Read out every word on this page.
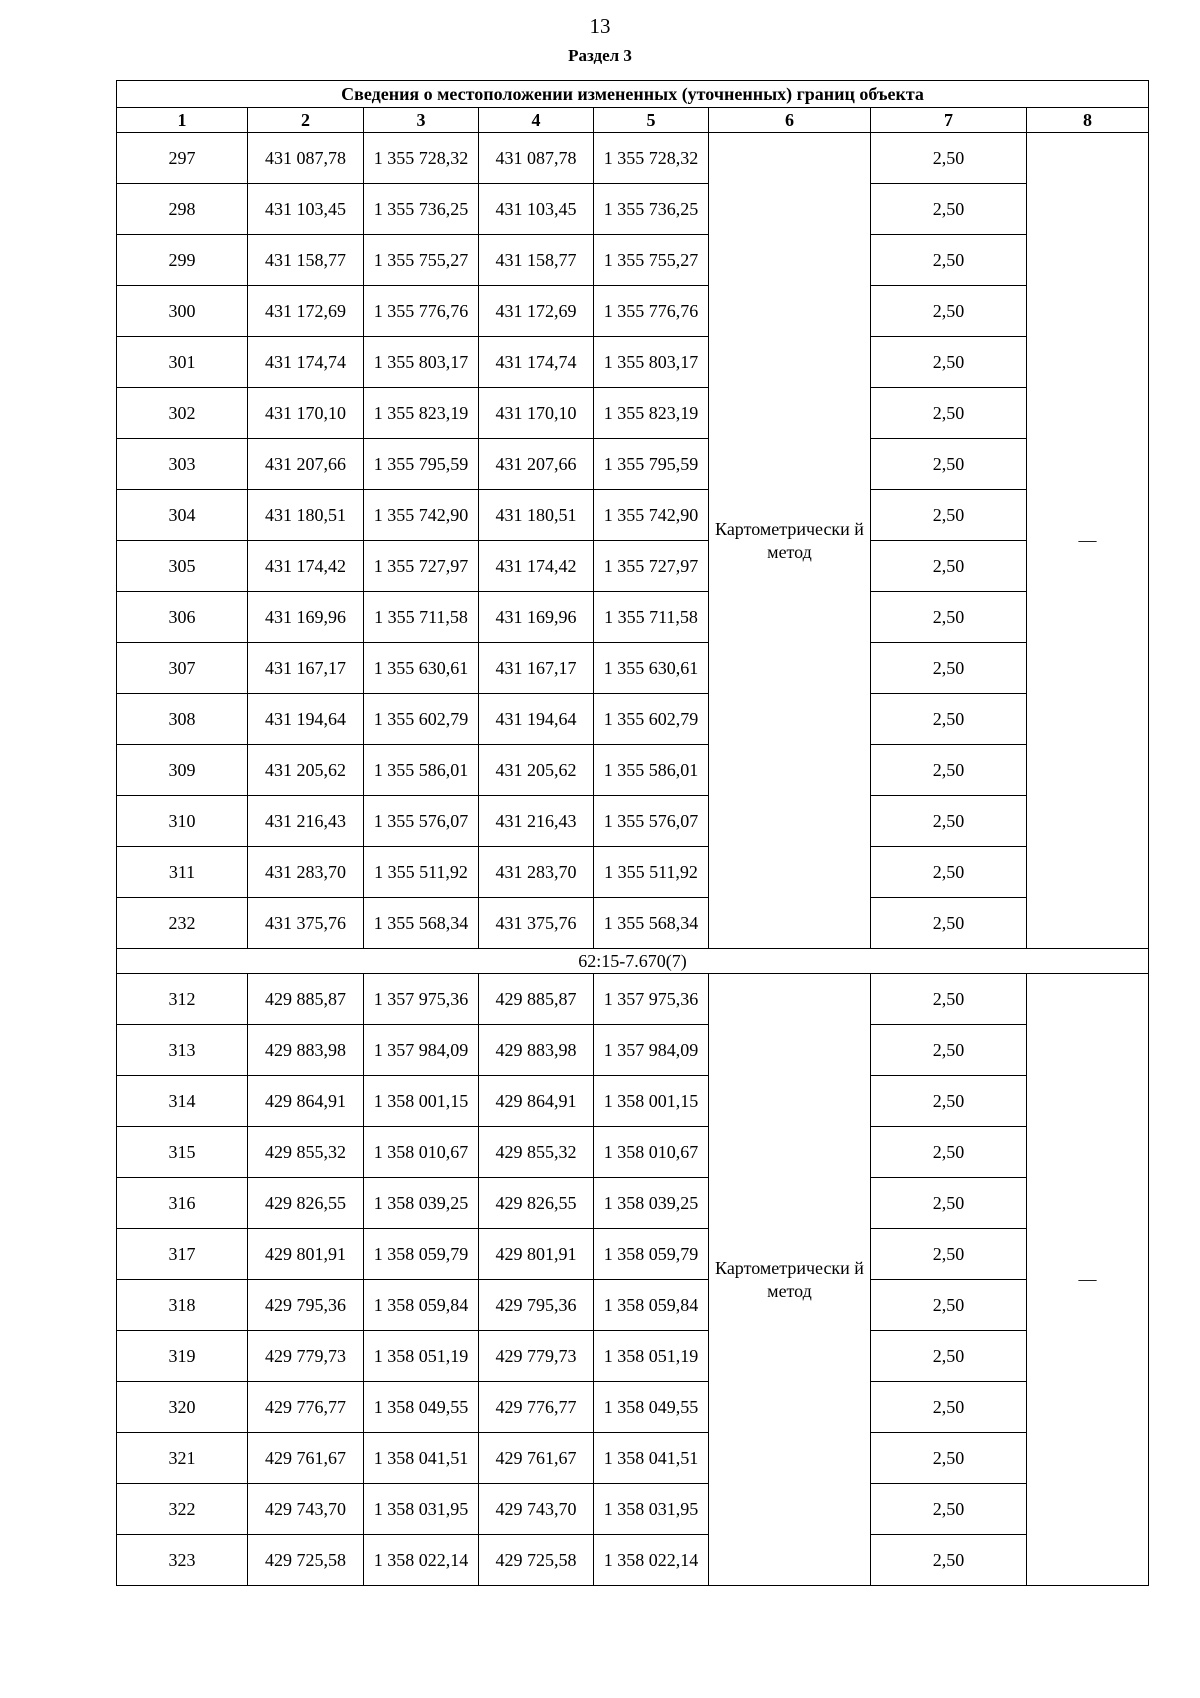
13
Раздел 3
Сведения о местоположении измененных (уточненных) границ объекта							
1	2	3	4	5	6	7	8
297	431 087,78	1 355 728,32	431 087,78	1 355 728,32	Картометрически й метод	2,50	—
298	431 103,45	1 355 736,25	431 103,45	1 355 736,25		2,50	
299	431 158,77	1 355 755,27	431 158,77	1 355 755,27		2,50	
300	431 172,69	1 355 776,76	431 172,69	1 355 776,76		2,50	
301	431 174,74	1 355 803,17	431 174,74	1 355 803,17		2,50	
302	431 170,10	1 355 823,19	431 170,10	1 355 823,19		2,50	
303	431 207,66	1 355 795,59	431 207,66	1 355 795,59		2,50	
304	431 180,51	1 355 742,90	431 180,51	1 355 742,90		2,50	
305	431 174,42	1 355 727,97	431 174,42	1 355 727,97		2,50	
306	431 169,96	1 355 711,58	431 169,96	1 355 711,58		2,50	
307	431 167,17	1 355 630,61	431 167,17	1 355 630,61		2,50	
308	431 194,64	1 355 602,79	431 194,64	1 355 602,79		2,50	
309	431 205,62	1 355 586,01	431 205,62	1 355 586,01		2,50	
310	431 216,43	1 355 576,07	431 216,43	1 355 576,07		2,50	
311	431 283,70	1 355 511,92	431 283,70	1 355 511,92		2,50	
232	431 375,76	1 355 568,34	431 375,76	1 355 568,34		2,50	
62:15-7.670(7)							
312	429 885,87	1 357 975,36	429 885,87	1 357 975,36	Картометрически й метод	2,50	—
313	429 883,98	1 357 984,09	429 883,98	1 357 984,09		2,50	
314	429 864,91	1 358 001,15	429 864,91	1 358 001,15		2,50	
315	429 855,32	1 358 010,67	429 855,32	1 358 010,67		2,50	
316	429 826,55	1 358 039,25	429 826,55	1 358 039,25		2,50	
317	429 801,91	1 358 059,79	429 801,91	1 358 059,79		2,50	
318	429 795,36	1 358 059,84	429 795,36	1 358 059,84		2,50	
319	429 779,73	1 358 051,19	429 779,73	1 358 051,19		2,50	
320	429 776,77	1 358 049,55	429 776,77	1 358 049,55		2,50	
321	429 761,67	1 358 041,51	429 761,67	1 358 041,51		2,50	
322	429 743,70	1 358 031,95	429 743,70	1 358 031,95		2,50	
323	429 725,58	1 358 022,14	429 725,58	1 358 022,14		2,50	
